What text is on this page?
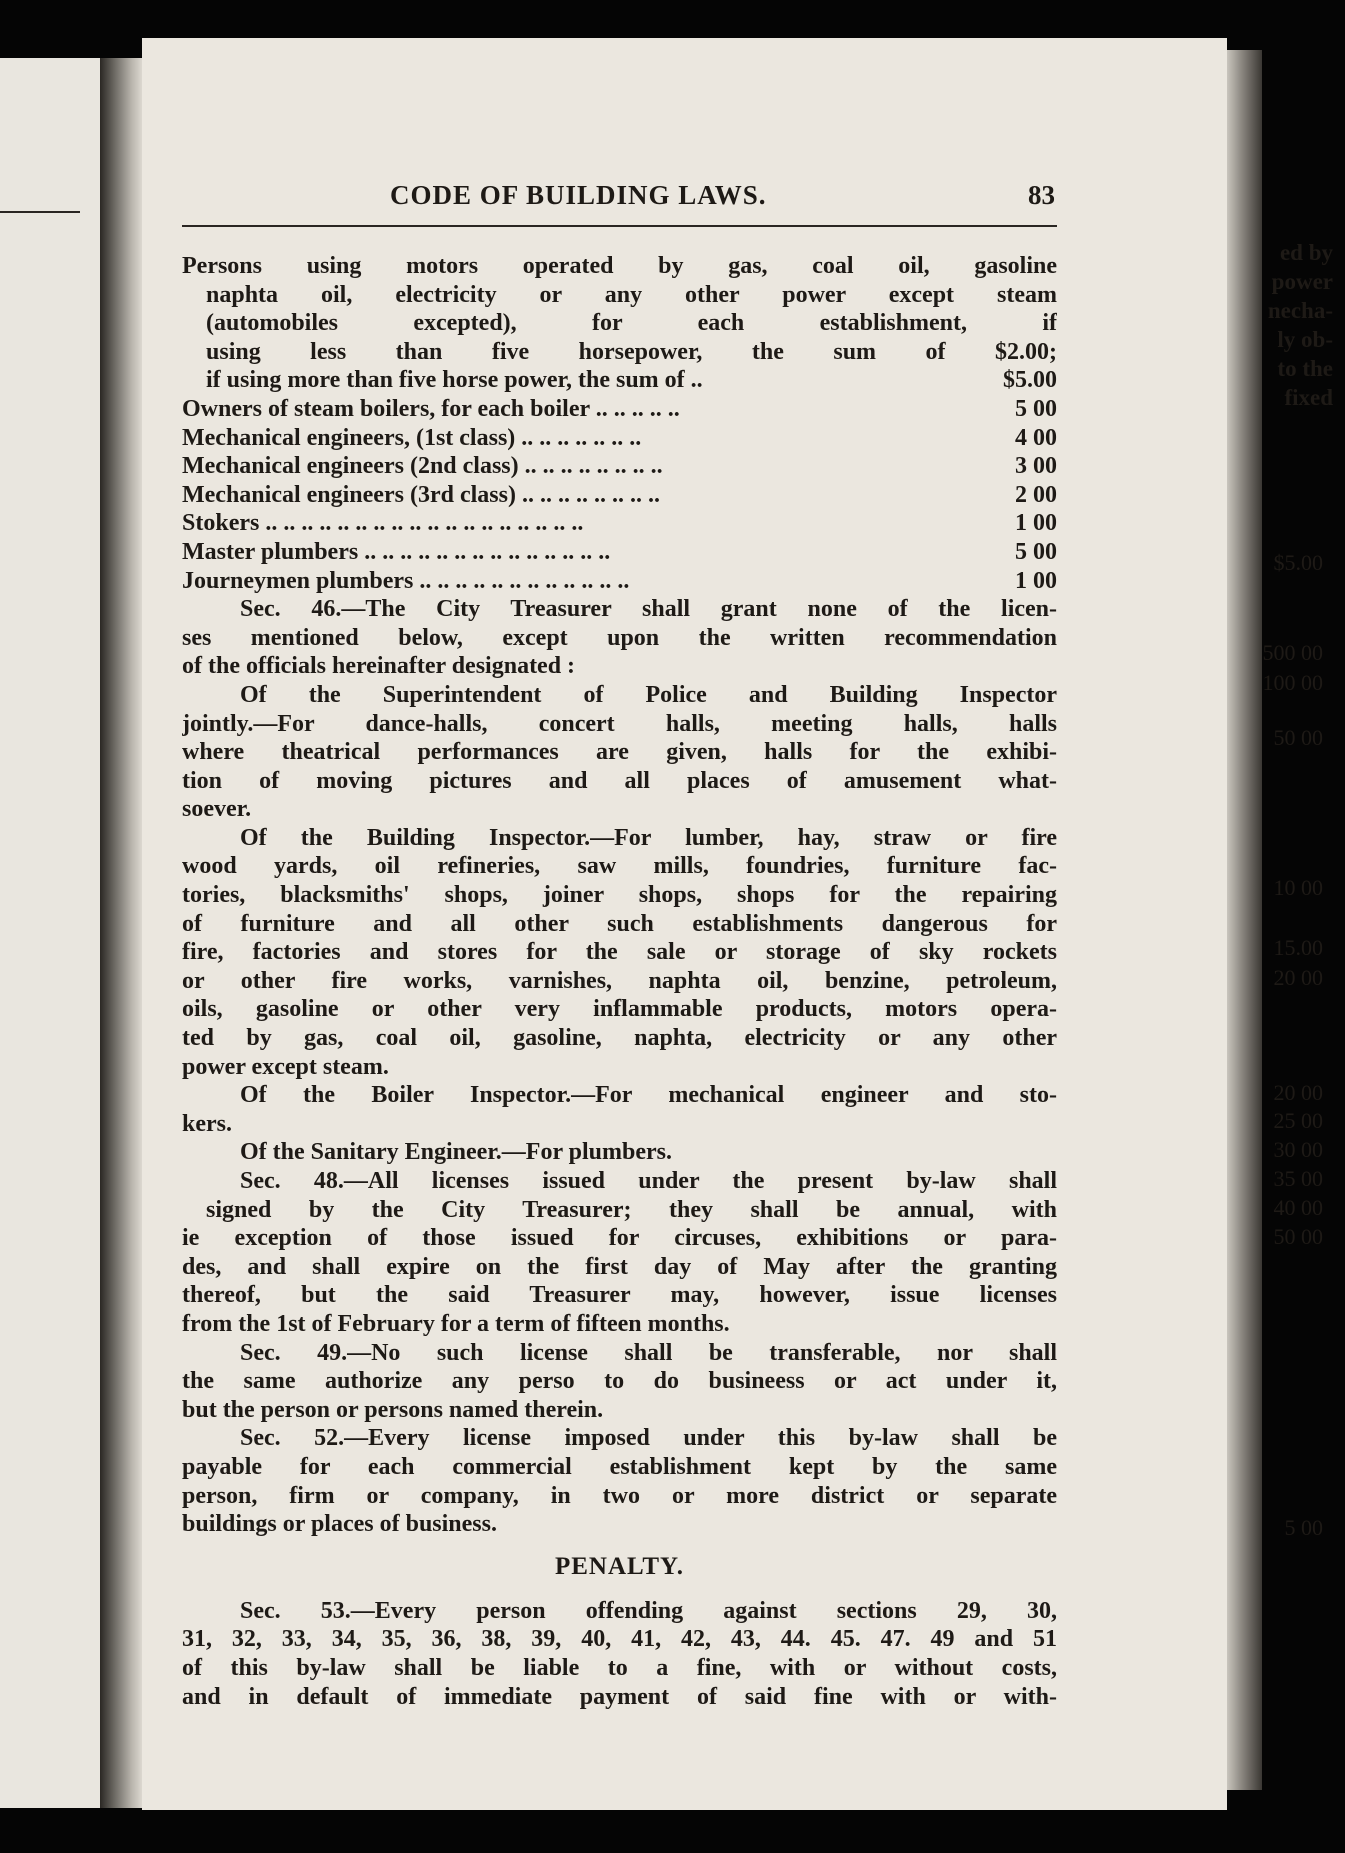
ed by
power
necha-
ly ob-
to the
fixed
$5.00
500 00
100 00
50 00
10 00
15.00
20 00
20 00
25 00
30 00
35 00
40 00
50 00
5 00
CODE OF BUILDING LAWS.	83
Persons using motors operated by gas, coal oil, gasoline
naphta oil, electricity or any other power except steam
(automobiles excepted), for each establishment, if
using less than five horsepower, the sum of $2.00;
if using more than five horse power, the sum of ..	$5.00
Owners of steam boilers, for each boiler .. .. .. .. ..	5 00
Mechanical engineers, (1st class) .. .. .. .. .. .. ..	4 00
Mechanical engineers (2nd class) .. .. .. .. .. .. .. ..	3 00
Mechanical engineers (3rd class) .. .. .. .. .. .. .. ..	2 00
Stokers .. .. .. .. .. .. .. .. .. .. .. .. .. .. .. .. .. ..	1 00
Master plumbers .. .. .. .. .. .. .. .. .. .. .. .. .. ..	5 00
Journeymen plumbers .. .. .. .. .. .. .. .. .. .. .. ..	1 00
Sec. 46.—The City Treasurer shall grant none of the licen-
ses mentioned below, except upon the written recommendation
of the officials hereinafter designated :
Of the Superintendent of Police and Building Inspector
jointly.—For dance-halls, concert halls, meeting halls, halls
where theatrical performances are given, halls for the exhibi-
tion of moving pictures and all places of amusement what-
soever.
Of the Building Inspector.—For lumber, hay, straw or fire
wood yards, oil refineries, saw mills, foundries, furniture fac-
tories, blacksmiths' shops, joiner shops, shops for the repairing
of furniture and all other such establishments dangerous for
fire, factories and stores for the sale or storage of sky rockets
or other fire works, varnishes, naphta oil, benzine, petroleum,
oils, gasoline or other very inflammable products, motors opera-
ted by gas, coal oil, gasoline, naphta, electricity or any other
power except steam.
Of the Boiler Inspector.—For mechanical engineer and sto-
kers.
Of the Sanitary Engineer.—For plumbers.
Sec. 48.—All licenses issued under the present by-law shall
signed by the City Treasurer; they shall be annual, with
ie exception of those issued for circuses, exhibitions or para-
des, and shall expire on the first day of May after the granting
thereof, but the said Treasurer may, however, issue licenses
from the 1st of February for a term of fifteen months.
Sec. 49.—No such license shall be transferable, nor shall
the same authorize any perso to do busineess or act under it,
but the person or persons named therein.
Sec. 52.—Every license imposed under this by-law shall be
payable for each commercial establishment kept by the same
person, firm or company, in two or more district or separate
buildings or places of business.
PENALTY.
Sec. 53.—Every person offending against sections 29, 30,
31, 32, 33, 34, 35, 36, 38, 39, 40, 41, 42, 43, 44. 45. 47. 49 and 51
of this by-law shall be liable to a fine, with or without costs,
and in default of immediate payment of said fine with or with-
